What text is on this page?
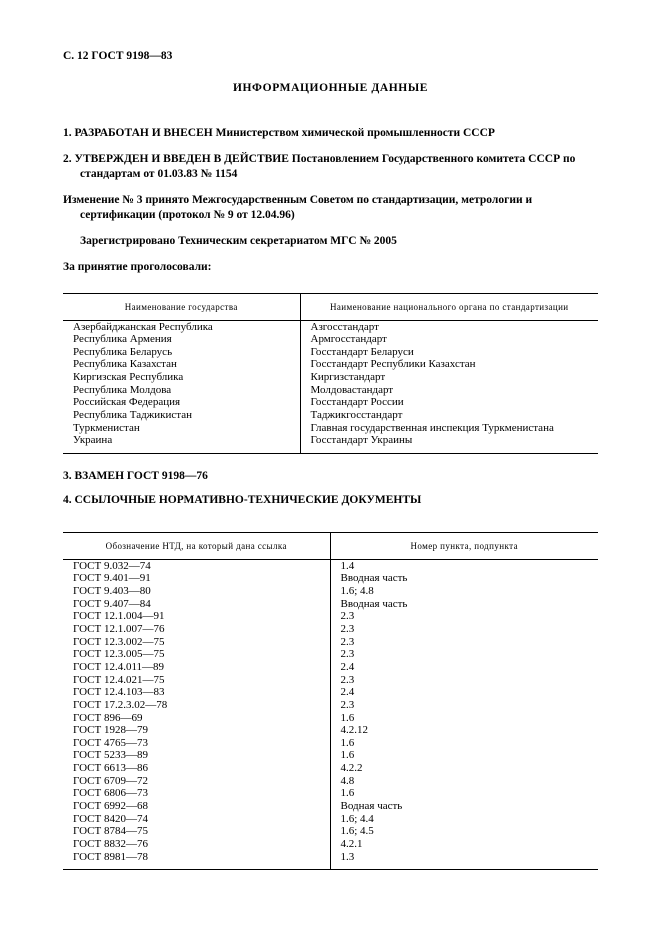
С. 12 ГОСТ 9198—83
ИНФОРМАЦИОННЫЕ ДАННЫЕ

1. РАЗРАБОТАН И ВНЕСЕН Министерством химической промышленности СССР

2. УТВЕРЖДЕН И ВВЕДЕН В ДЕЙСТВИЕ Постановлением Государственного комитета СССР по стандартам от 01.03.83 № 1154

Изменение № 3 принято Межгосударственным Советом по стандартизации, метрологии и сертификации (протокол № 9 от 12.04.96)

Зарегистрировано Техническим секретариатом МГС № 2005

За принятие проголосовали:

Наименование государства	Наименование национального органа по стандартизации
Азербайджанская Республика	Азгосстандарт
Республика Армения	Армгосстандарт
Республика Беларусь	Госстандарт Беларуси
Республика Казахстан	Госстандарт Республики Казахстан
Киргизская Республика	Киргизстандарт
Республика Молдова	Молдовастандарт
Российская Федерация	Госстандарт России
Республика Таджикистан	Таджикгосстандарт
Туркменистан	Главная государственная инспекция Туркменистана
Украина	Госстандарт Украины

3. ВЗАМЕН ГОСТ 9198—76

4. ССЫЛОЧНЫЕ НОРМАТИВНО-ТЕХНИЧЕСКИЕ ДОКУМЕНТЫ

Обозначение НТД, на который дана ссылка	Номер пункта, подпункта
ГОСТ 9.032—74	1.4
ГОСТ 9.401—91	Вводная часть
ГОСТ 9.403—80	1.6; 4.8
ГОСТ 9.407—84	Вводная часть
ГОСТ 12.1.004—91	2.3
ГОСТ 12.1.007—76	2.3
ГОСТ 12.3.002—75	2.3
ГОСТ 12.3.005—75	2.3
ГОСТ 12.4.011—89	2.4
ГОСТ 12.4.021—75	2.3
ГОСТ 12.4.103—83	2.4
ГОСТ 17.2.3.02—78	2.3
ГОСТ 896—69	1.6
ГОСТ 1928—79	4.2.12
ГОСТ 4765—73	1.6
ГОСТ 5233—89	1.6
ГОСТ 6613—86	4.2.2
ГОСТ 6709—72	4.8
ГОСТ 6806—73	1.6
ГОСТ 6992—68	Водная часть
ГОСТ 8420—74	1.6; 4.4
ГОСТ 8784—75	1.6; 4.5
ГОСТ 8832—76	4.2.1
ГОСТ 8981—78	1.3
